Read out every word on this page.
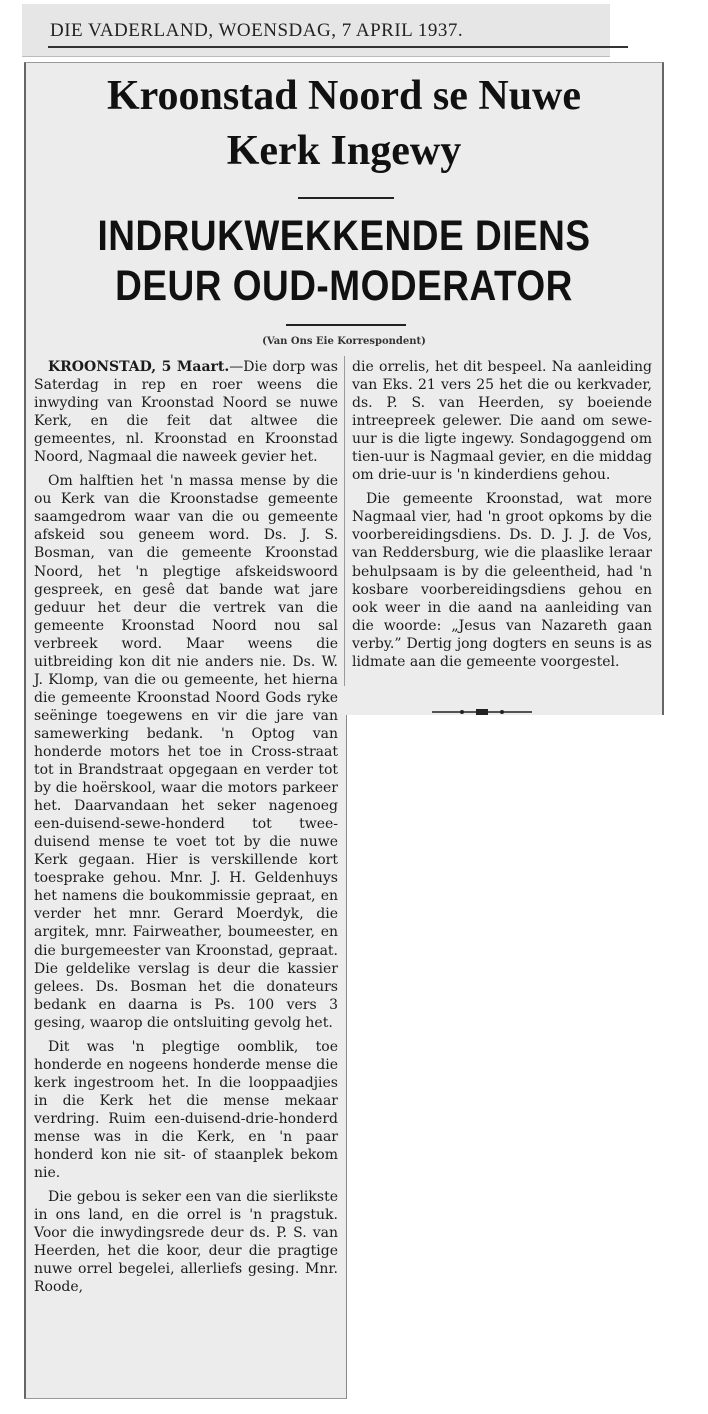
DIE VADERLAND, WOENSDAG, 7 APRIL 1937.
Kroonstad Noord se Nuwe
Kerk Ingewy
INDRUKWEKKENDE DIENS
DEUR OUD-MODERATOR
(Van Ons Eie Korrespondent)

KROONSTAD, 5 Maart.—Die dorp was Saterdag in rep en roer weens die inwyding van Kroonstad Noord se nuwe Kerk, en die feit dat altwee die gemeentes, nl. Kroonstad en Kroonstad Noord, Nagmaal die naweek gevier het.

Om halftien het 'n massa mense by die ou Kerk van die Kroonstadse gemeente saamgedrom waar van die ou gemeente afskeid sou geneem word. Ds. J. S. Bosman, van die gemeente Kroonstad Noord, het 'n plegtige afskeidswoord gespreek, en gesê dat bande wat jare geduur het deur die vertrek van die gemeente Kroonstad Noord nou sal verbreek word. Maar weens die uitbreiding kon dit nie anders nie. Ds. W. J. Klomp, van die ou gemeente, het hierna die gemeente Kroonstad Noord Gods ryke seëninge toegewens en vir die jare van samewerking bedank. 'n Optog van honderde motors het toe in Cross-straat tot in Brandstraat opgegaan en verder tot by die hoërskool, waar die motors parkeer het. Daarvandaan het seker nagenoeg een-duisend-sewe-honderd tot twee-duisend mense te voet tot by die nuwe Kerk gegaan. Hier is verskillende kort toesprake gehou. Mnr. J. H. Geldenhuys het namens die boukommissie gepraat, en verder het mnr. Gerard Moerdyk, die argitek, mnr. Fairweather, boumeester, en die burgemeester van Kroonstad, gepraat. Die geldelike verslag is deur die kassier gelees. Ds. Bosman het die donateurs bedank en daarna is Ps. 100 vers 3 gesing, waarop die ontsluiting gevolg het.

Dit was 'n plegtige oomblik, toe honderde en nogeens honderde mense die kerk ingestroom het. In die looppaadjies in die Kerk het die mense mekaar verdring. Ruim een-duisend-drie-honderd mense was in die Kerk, en 'n paar honderd kon nie sit- of staanplek bekom nie.

Die gebou is seker een van die sierlikste in ons land, en die orrel is 'n pragstuk. Voor die inwydingsrede deur ds. P. S. van Heerden, het die koor, deur die pragtige nuwe orrel begelei, allerliefs gesing. Mnr. Roode,

die orrelis, het dit bespeel. Na aanleiding van Eks. 21 vers 25 het die ou kerkvader, ds. P. S. van Heerden, sy boeiende intreepreek gelewer. Die aand om sewe-uur is die ligte ingewy. Sondagoggend om tien-uur is Nagmaal gevier, en die middag om drie-uur is 'n kinderdiens gehou.

Die gemeente Kroonstad, wat more Nagmaal vier, had 'n groot opkoms by die voorbereidingsdiens. Ds. D. J. J. de Vos, van Reddersburg, wie die plaaslike leraar behulpsaam is by die geleentheid, had 'n kosbare voorbereidingsdiens gehou en ook weer in die aand na aanleiding van die woorde: „Jesus van Nazareth gaan verby.” Dertig jong dogters en seuns is as lidmate aan die gemeente voorgestel.
